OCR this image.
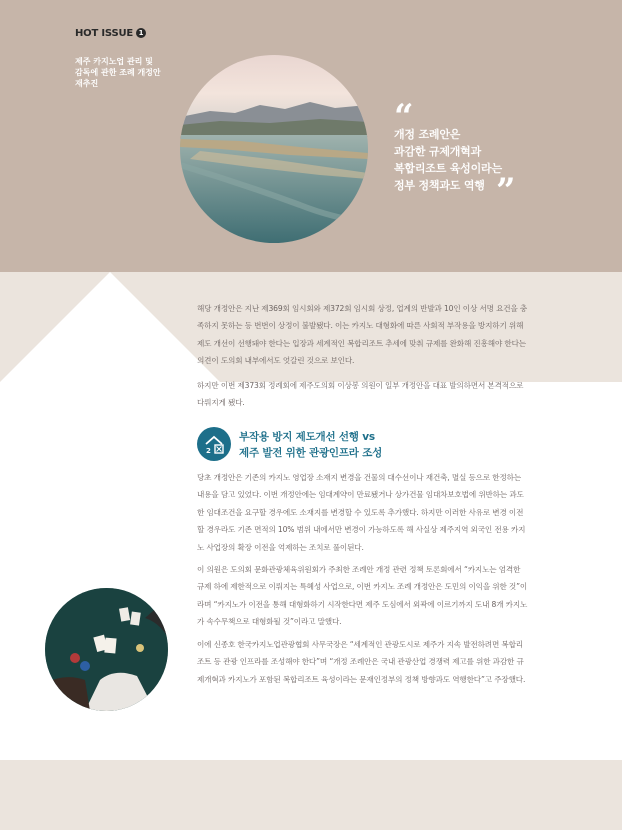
HOT ISSUE 1
제주 카지노업 관리 및
감독에 관한 조례 개정안
재추진
“
개정 조례안은
과감한 규제개혁과
복합리조트 육성이라는
정부 정책과도 역행 ”
해당 개정안은 지난 제369회 임시회와 제372회 임시회 상정, 업계의 반발과 10인 이상 서명 요건을 충
족하지 못하는 등 번번이 상정이 불발됐다. 이는 카지노 대형화에 따른 사회적 부작용을 방지하기 위해
제도 개선이 선행돼야 한다는 입장과 세계적인 복합리조트 추세에 맞춰 규제를 완화해 진흥해야 한다는
의견이 도의회 내부에서도 엇갈린 것으로 보인다.
하지만 이번 제373회 정례회에 제주도의회 이상봉 의원이 일부 개정안을 대표 발의하면서 본격적으로
다뤄지게 됐다.
2
부작용 방지 제도개선 선행 vs
제주 발전 위한 관광인프라 조성
당초 개정안은 기존의 카지노 영업장 소재지 변경을 건물의 대수선이나 재건축, 멸실 등으로 한정하는
내용을 담고 있었다. 이번 개정안에는 임대계약이 만료됐거나 상가건물 임대차보호법에 위반하는 과도
한 임대조건을 요구할 경우에도 소재지를 변경할 수 있도록 추가했다. 하지만 이러한 사유로 변경 이전
할 경우라도 기존 면적의 10% 범위 내에서만 변경이 가능하도록 해 사실상 제주지역 외국인 전용 카지
노 사업장의 확장 이전을 억제하는 조치로 풀이된다.
이 의원은 도의회 문화관광체육위원회가 주최한 조례안 개정 관련 정책 토론회에서 “카지노는 엄격한
규제 하에 제한적으로 이뤄지는 특혜성 사업으로, 이번 카지노 조례 개정안은 도민의 이익을 위한 것”이
라며 “카지노가 이전을 통해 대형화하기 시작한다면 제주 도심에서 외곽에 이르기까지 도내 8개 카지노
가 속수무책으로 대형화될 것”이라고 말했다.
이에 신종호 한국카지노업관광협회 사무국장은 “세계적인 관광도시로 제주가 지속 발전하려면 복합리
조트 등 관광 인프라를 조성해야 한다”며 “개정 조례안은 국내 관광산업 경쟁력 제고를 위한 과감한 규
제개혁과 카지노가 포함된 복합리조트 육성이라는 문재인정부의 정책 방향과도 역행한다”고 주장했다.
